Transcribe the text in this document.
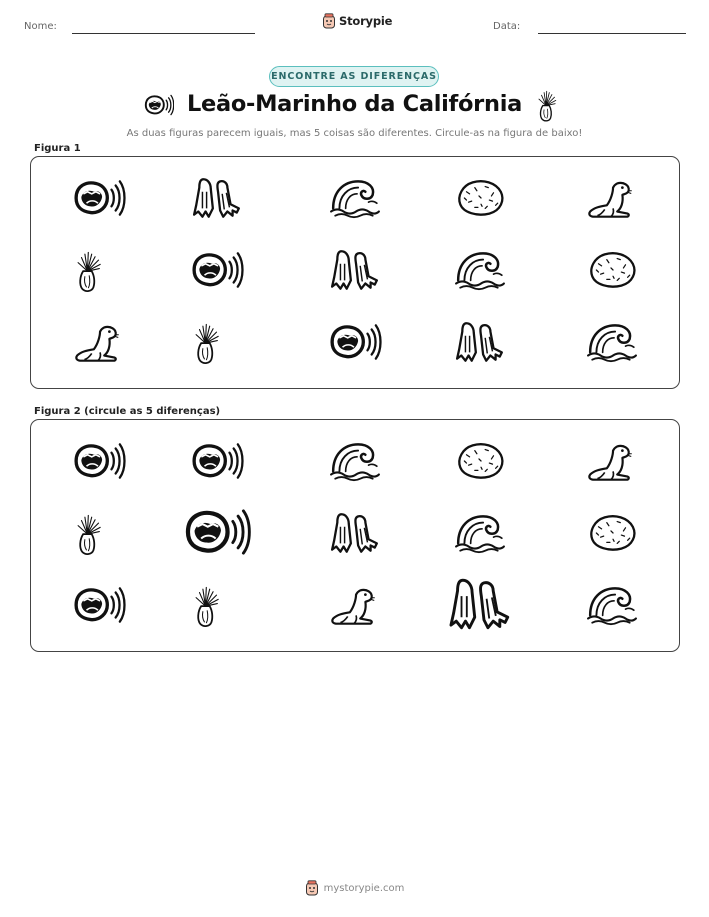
Nome:	Storypie	Data:
ENCONTRE AS DIFERENÇAS
Leão-Marinho da Califórnia
As duas figuras parecem iguais, mas 5 coisas são diferentes. Circule-as na figura de baixo!
Figura 1
Figura 2 (circule as 5 diferenças)
mystorypie.com
